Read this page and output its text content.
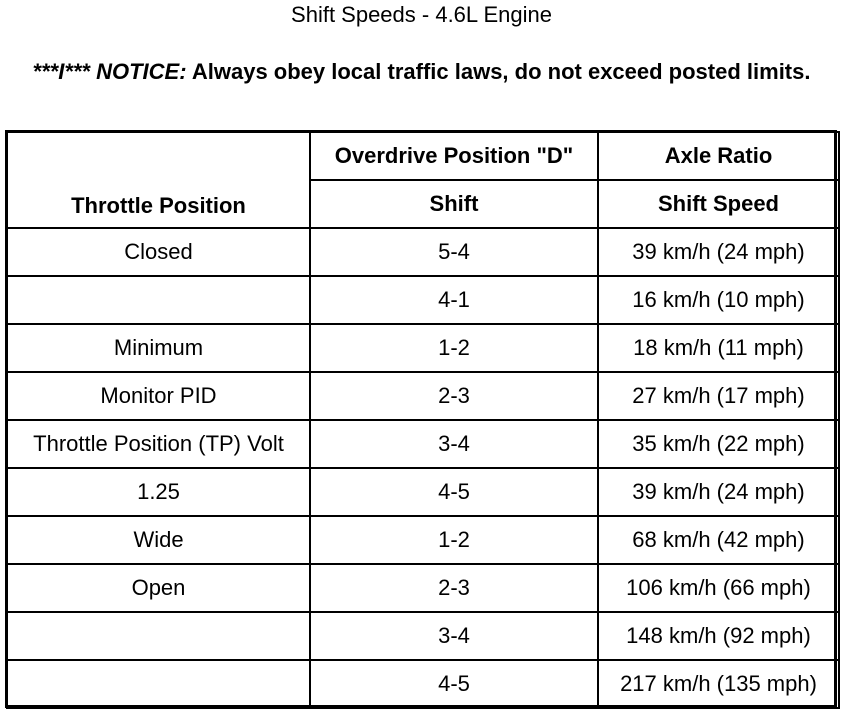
Shift Speeds - 4.6L Engine
***I*** NOTICE: Always obey local traffic laws, do not exceed posted limits.
Throttle Position	Overdrive Position "D"	Axle Ratio
	Shift	Shift Speed
Closed	5-4	39 km/h (24 mph)
	4-1	16 km/h (10 mph)
Minimum	1-2	18 km/h (11 mph)
Monitor PID	2-3	27 km/h (17 mph)
Throttle Position (TP) Volt	3-4	35 km/h (22 mph)
1.25	4-5	39 km/h (24 mph)
Wide	1-2	68 km/h (42 mph)
Open	2-3	106 km/h (66 mph)
	3-4	148 km/h (92 mph)
	4-5	217 km/h (135 mph)
